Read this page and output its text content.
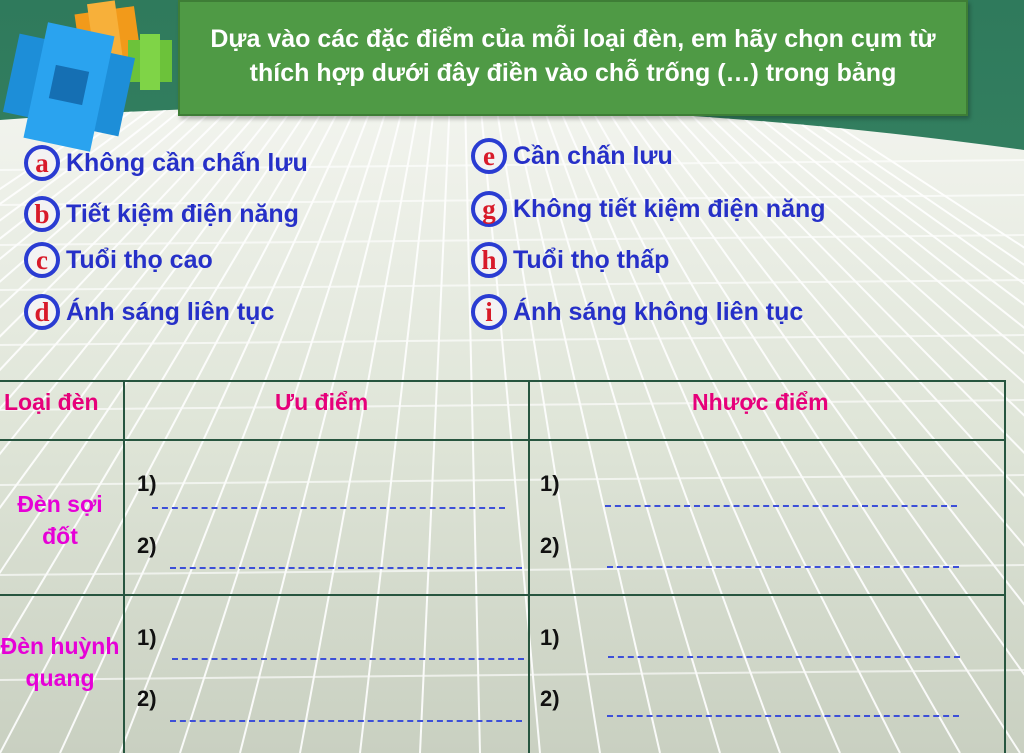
Dựa vào các đặc điểm của mỗi loại đèn, em hãy chọn cụm từ thích hợp dưới đây điền vào chỗ trống (…) trong bảng
a Không cần chấn lưu
b Tiết kiệm điện năng
c Tuổi thọ cao
d Ánh sáng liên tục
e Cần chấn lưu
g Không tiết kiệm điện năng
h Tuổi thọ thấp
i Ánh sáng không liên tục
Loại đèn	Ưu điểm	Nhược điểm
Đèn sợi đốt
1)
2)
1)
2)
Đèn huỳnh quang
1)
2)
1)
2)
